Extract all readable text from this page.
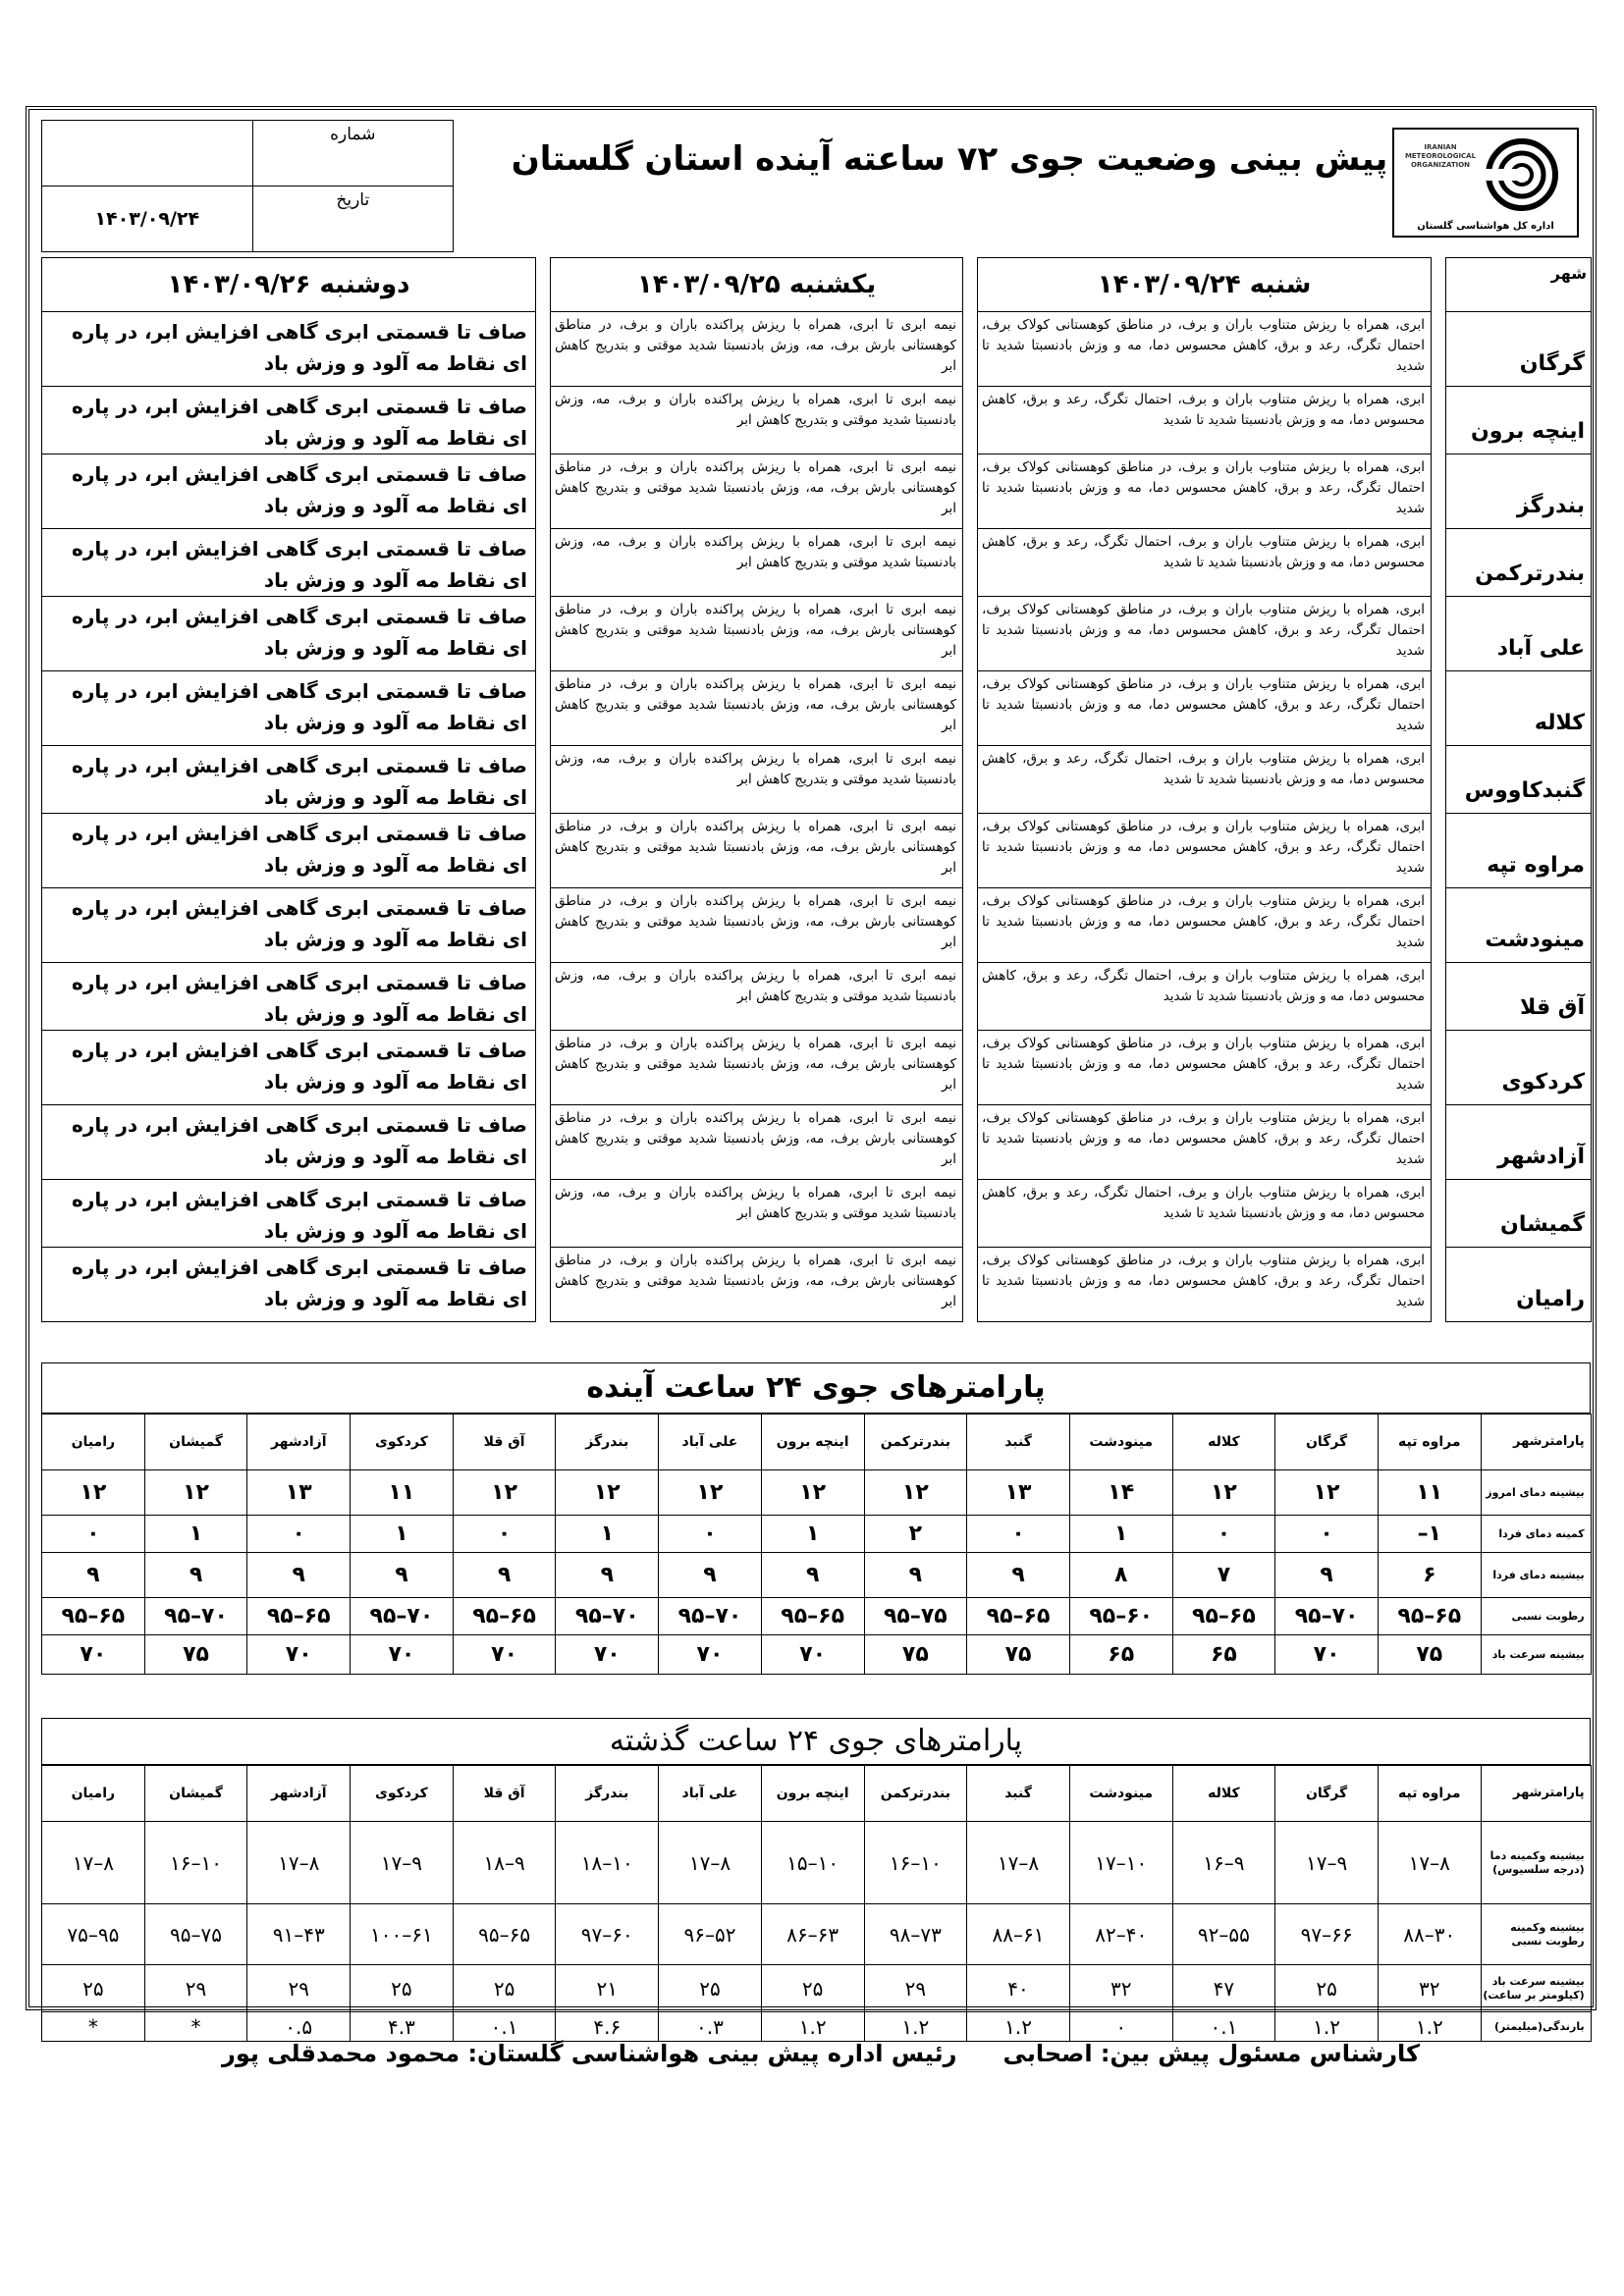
	شماره
۱۴۰۳/۰۹/۲۴	تاریخ
پیش بینی وضعیت جوی ۷۲ ساعته آینده استان گلستان	IRANIAN METEOROLOGICAL ORGANIZATION
اداره کل هواشناسی گلستان
شهر		شنبه ۱۴۰۳/۰۹/۲۴		یکشنبه ۱۴۰۳/۰۹/۲۵		دوشنبه ۱۴۰۳/۰۹/۲۶
گرگان		ابری، همراه با ریزش متناوب باران و برف، در مناطق کوهستانی کولاک برف، احتمال تگرگ، رعد و برق، کاهش محسوس دما، مه و وزش بادنسبتا شدید تا شدید		نیمه ابری تا ابری، همراه با ریزش پراکنده باران و برف، در مناطق کوهستانی بارش برف، مه، وزش بادنسبتا شدید موقتی و بتدریج کاهش ابر		صاف تا قسمتی ابری گاهی افزایش ابر، در پاره ای نقاط مه آلود و وزش باد
اینچه برون		ابری، همراه با ریزش متناوب باران و برف، احتمال تگرگ، رعد و برق، کاهش محسوس دما، مه و وزش بادنسبتا شدید تا شدید		نیمه ابری تا ابری، همراه با ریزش پراکنده باران و برف، مه، وزش بادنسبتا شدید موقتی و بتدریج کاهش ابر		صاف تا قسمتی ابری گاهی افزایش ابر، در پاره ای نقاط مه آلود و وزش باد
بندرگز		ابری، همراه با ریزش متناوب باران و برف، در مناطق کوهستانی کولاک برف، احتمال تگرگ، رعد و برق، کاهش محسوس دما، مه و وزش بادنسبتا شدید تا شدید		نیمه ابری تا ابری، همراه با ریزش پراکنده باران و برف، در مناطق کوهستانی بارش برف، مه، وزش بادنسبتا شدید موقتی و بتدریج کاهش ابر		صاف تا قسمتی ابری گاهی افزایش ابر، در پاره ای نقاط مه آلود و وزش باد
بندرترکمن		ابری، همراه با ریزش متناوب باران و برف، احتمال تگرگ، رعد و برق، کاهش محسوس دما، مه و وزش بادنسبتا شدید تا شدید		نیمه ابری تا ابری، همراه با ریزش پراکنده باران و برف، مه، وزش بادنسبتا شدید موقتی و بتدریج کاهش ابر		صاف تا قسمتی ابری گاهی افزایش ابر، در پاره ای نقاط مه آلود و وزش باد
علی آباد		ابری، همراه با ریزش متناوب باران و برف، در مناطق کوهستانی کولاک برف، احتمال تگرگ، رعد و برق، کاهش محسوس دما، مه و وزش بادنسبتا شدید تا شدید		نیمه ابری تا ابری، همراه با ریزش پراکنده باران و برف، در مناطق کوهستانی بارش برف، مه، وزش بادنسبتا شدید موقتی و بتدریج کاهش ابر		صاف تا قسمتی ابری گاهی افزایش ابر، در پاره ای نقاط مه آلود و وزش باد
کلاله		ابری، همراه با ریزش متناوب باران و برف، در مناطق کوهستانی کولاک برف، احتمال تگرگ، رعد و برق، کاهش محسوس دما، مه و وزش بادنسبتا شدید تا شدید		نیمه ابری تا ابری، همراه با ریزش پراکنده باران و برف، در مناطق کوهستانی بارش برف، مه، وزش بادنسبتا شدید موقتی و بتدریج کاهش ابر		صاف تا قسمتی ابری گاهی افزایش ابر، در پاره ای نقاط مه آلود و وزش باد
گنبدکاووس		ابری، همراه با ریزش متناوب باران و برف، احتمال تگرگ، رعد و برق، کاهش محسوس دما، مه و وزش بادنسبتا شدید تا شدید		نیمه ابری تا ابری، همراه با ریزش پراکنده باران و برف، مه، وزش بادنسبتا شدید موقتی و بتدریج کاهش ابر		صاف تا قسمتی ابری گاهی افزایش ابر، در پاره ای نقاط مه آلود و وزش باد
مراوه تپه		ابری، همراه با ریزش متناوب باران و برف، در مناطق کوهستانی کولاک برف، احتمال تگرگ، رعد و برق، کاهش محسوس دما، مه و وزش بادنسبتا شدید تا شدید		نیمه ابری تا ابری، همراه با ریزش پراکنده باران و برف، در مناطق کوهستانی بارش برف، مه، وزش بادنسبتا شدید موقتی و بتدریج کاهش ابر		صاف تا قسمتی ابری گاهی افزایش ابر، در پاره ای نقاط مه آلود و وزش باد
مینودشت		ابری، همراه با ریزش متناوب باران و برف، در مناطق کوهستانی کولاک برف، احتمال تگرگ، رعد و برق، کاهش محسوس دما، مه و وزش بادنسبتا شدید تا شدید		نیمه ابری تا ابری، همراه با ریزش پراکنده باران و برف، در مناطق کوهستانی بارش برف، مه، وزش بادنسبتا شدید موقتی و بتدریج کاهش ابر		صاف تا قسمتی ابری گاهی افزایش ابر، در پاره ای نقاط مه آلود و وزش باد
آق قلا		ابری، همراه با ریزش متناوب باران و برف، احتمال تگرگ، رعد و برق، کاهش محسوس دما، مه و وزش بادنسبتا شدید تا شدید		نیمه ابری تا ابری، همراه با ریزش پراکنده باران و برف، مه، وزش بادنسبتا شدید موقتی و بتدریج کاهش ابر		صاف تا قسمتی ابری گاهی افزایش ابر، در پاره ای نقاط مه آلود و وزش باد
کردکوی		ابری، همراه با ریزش متناوب باران و برف، در مناطق کوهستانی کولاک برف، احتمال تگرگ، رعد و برق، کاهش محسوس دما، مه و وزش بادنسبتا شدید تا شدید		نیمه ابری تا ابری، همراه با ریزش پراکنده باران و برف، در مناطق کوهستانی بارش برف، مه، وزش بادنسبتا شدید موقتی و بتدریج کاهش ابر		صاف تا قسمتی ابری گاهی افزایش ابر، در پاره ای نقاط مه آلود و وزش باد
آزادشهر		ابری، همراه با ریزش متناوب باران و برف، در مناطق کوهستانی کولاک برف، احتمال تگرگ، رعد و برق، کاهش محسوس دما، مه و وزش بادنسبتا شدید تا شدید		نیمه ابری تا ابری، همراه با ریزش پراکنده باران و برف، در مناطق کوهستانی بارش برف، مه، وزش بادنسبتا شدید موقتی و بتدریج کاهش ابر		صاف تا قسمتی ابری گاهی افزایش ابر، در پاره ای نقاط مه آلود و وزش باد
گمیشان		ابری، همراه با ریزش متناوب باران و برف، احتمال تگرگ، رعد و برق، کاهش محسوس دما، مه و وزش بادنسبتا شدید تا شدید		نیمه ابری تا ابری، همراه با ریزش پراکنده باران و برف، مه، وزش بادنسبتا شدید موقتی و بتدریج کاهش ابر		صاف تا قسمتی ابری گاهی افزایش ابر، در پاره ای نقاط مه آلود و وزش باد
رامیان		ابری، همراه با ریزش متناوب باران و برف، در مناطق کوهستانی کولاک برف، احتمال تگرگ، رعد و برق، کاهش محسوس دما، مه و وزش بادنسبتا شدید تا شدید		نیمه ابری تا ابری، همراه با ریزش پراکنده باران و برف، در مناطق کوهستانی بارش برف، مه، وزش بادنسبتا شدید موقتی و بتدریج کاهش ابر		صاف تا قسمتی ابری گاهی افزایش ابر، در پاره ای نقاط مه آلود و وزش باد
پارامترهای جوی ۲۴ ساعت آینده
پارامترشهر	مراوه تپه	گرگان	کلاله	مینودشت	گنبد	بندرترکمن	اینچه برون	علی آباد	بندرگز	آق قلا	کردکوی	آزادشهر	گمیشان	رامیان
بیشینه دمای امروز	۱۱	۱۲	۱۲	۱۴	۱۳	۱۲	۱۲	۱۲	۱۲	۱۲	۱۱	۱۳	۱۲	۱۲
کمینه دمای فردا	۱–	۰	۰	۱	۰	۲	۱	۰	۱	۰	۱	۰	۱	۰
بیشینه دمای فردا	۶	۹	۷	۸	۹	۹	۹	۹	۹	۹	۹	۹	۹	۹
رطوبت نسبی	۶۵–۹۵	۷۰–۹۵	۶۵–۹۵	۶۰–۹۵	۶۵–۹۵	۷۵–۹۵	۶۵–۹۵	۷۰–۹۵	۷۰–۹۵	۶۵–۹۵	۷۰–۹۵	۶۵–۹۵	۷۰–۹۵	۶۵–۹۵
بیشینه سرعت باد	۷۵	۷۰	۶۵	۶۵	۷۵	۷۵	۷۰	۷۰	۷۰	۷۰	۷۰	۷۰	۷۵	۷۰
پارامترهای جوی ۲۴ ساعت گذشته
پارامترشهر	مراوه تپه	گرگان	کلاله	مینودشت	گنبد	بندرترکمن	اینچه برون	علی آباد	بندرگز	آق قلا	کردکوی	آزادشهر	گمیشان	رامیان
بیشینه وکمینه دما (درجه سلسیوس)	۸–۱۷	۹–۱۷	۹–۱۶	۱۰–۱۷	۸–۱۷	۱۰–۱۶	۱۰–۱۵	۸–۱۷	۱۰–۱۸	۹–۱۸	۹–۱۷	۸–۱۷	۱۰–۱۶	۸–۱۷
بیشینه وکمینه رطوبت نسبی	۳۰–۸۸	۶۶–۹۷	۵۵–۹۲	۴۰–۸۲	۶۱–۸۸	۷۳–۹۸	۶۳–۸۶	۵۲–۹۶	۶۰–۹۷	۶۵–۹۵	۶۱–۱۰۰	۴۳–۹۱	۷۵–۹۵	۹۵–۷۵
بیشینه سرعت باد (کیلومتر بر ساعت)	۳۲	۲۵	۴۷	۳۲	۴۰	۲۹	۲۵	۲۵	۲۱	۲۵	۲۵	۲۹	۲۹	۲۵
بارندگی(میلیمتر)	۱.۲	۱.۲	۰.۱	۰	۱.۲	۱.۲	۱.۲	۰.۳	۴.۶	۰.۱	۴.۳	۰.۵	*	*
کارشناس مسئول پیش بین: اصحابی
رئیس اداره پیش بینی هواشناسی گلستان: محمود محمدقلی پور
